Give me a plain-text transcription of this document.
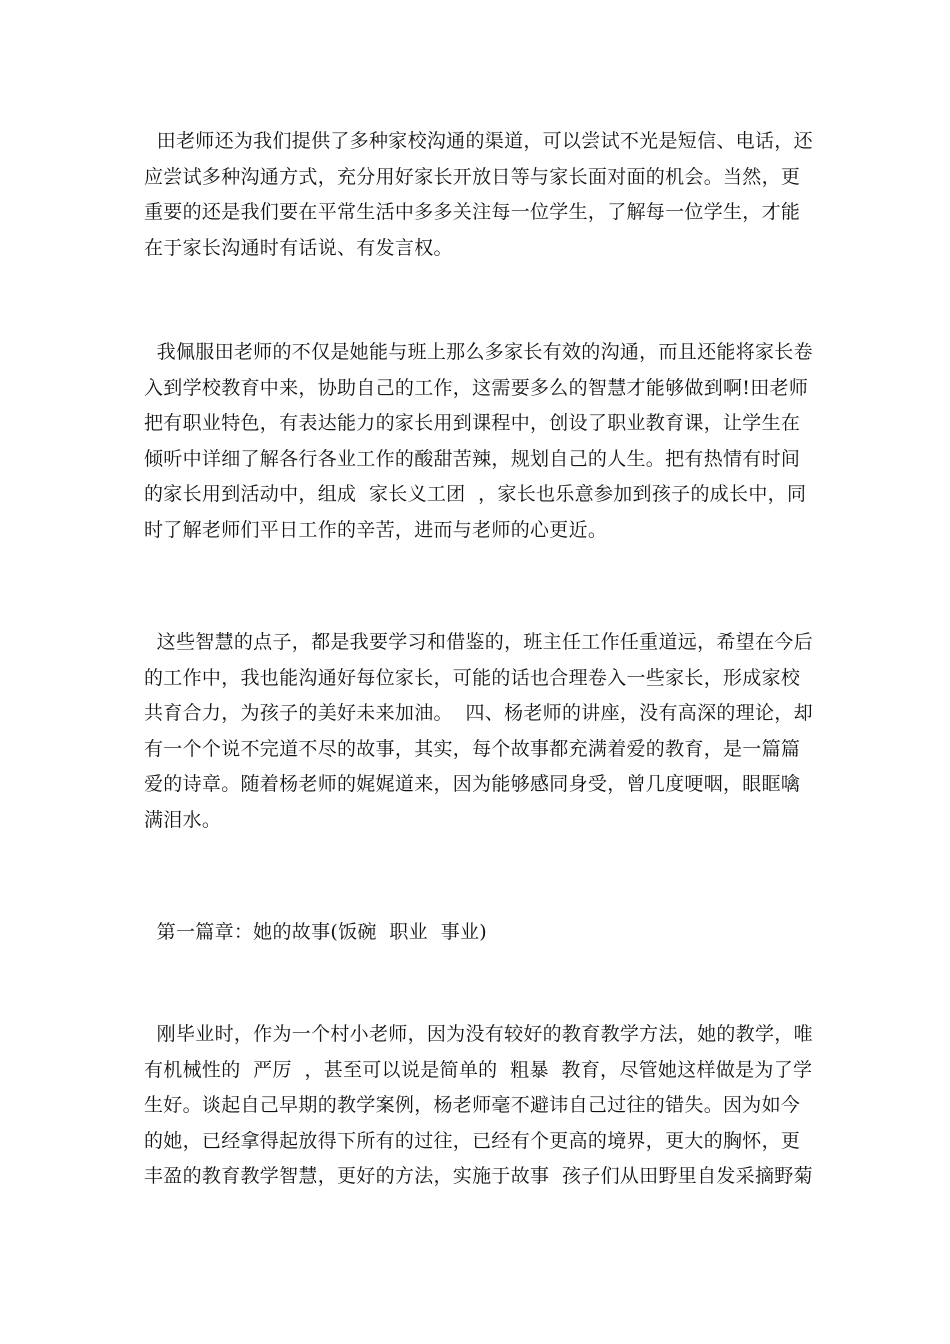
田老师还为我们提供了多种家校沟通的渠道，可以尝试不光是短信、电话，还
应尝试多种沟通方式，充分用好家长开放日等与家长面对面的机会。当然，更
重要的还是我们要在平常生活中多多关注每一位学生，了解每一位学生，才能
在于家长沟通时有话说、有发言权。
我佩服田老师的不仅是她能与班上那么多家长有效的沟通，而且还能将家长卷
入到学校教育中来，协助自己的工作，这需要多么的智慧才能够做到啊!田老师
把有职业特色，有表达能力的家长用到课程中，创设了职业教育课，让学生在
倾听中详细了解各行各业工作的酸甜苦辣，规划自己的人生。把有热情有时间
的家长用到活动中，组成  家长义工团  ，家长也乐意参加到孩子的成长中，同
时了解老师们平日工作的辛苦，进而与老师的心更近。
这些智慧的点子，都是我要学习和借鉴的，班主任工作任重道远，希望在今后
的工作中，我也能沟通好每位家长，可能的话也合理卷入一些家长，形成家校
共育合力，为孩子的美好未来加油。  四、杨老师的讲座，没有高深的理论，却
有一个个说不完道不尽的故事，其实，每个故事都充满着爱的教育，是一篇篇
爱的诗章。随着杨老师的娓娓道来，因为能够感同身受，曾几度哽咽，眼眶噙
满泪水。
第一篇章：她的故事(饭碗  职业  事业)
刚毕业时，作为一个村小老师，因为没有较好的教育教学方法，她的教学，唯
有机械性的  严厉  ，甚至可以说是简单的  粗暴  教育，尽管她这样做是为了学
生好。谈起自己早期的教学案例，杨老师毫不避讳自己过往的错失。因为如今
的她，已经拿得起放得下所有的过往，已经有个更高的境界，更大的胸怀，更
丰盈的教育教学智慧，更好的方法，实施于故事  孩子们从田野里自发采摘野菊
